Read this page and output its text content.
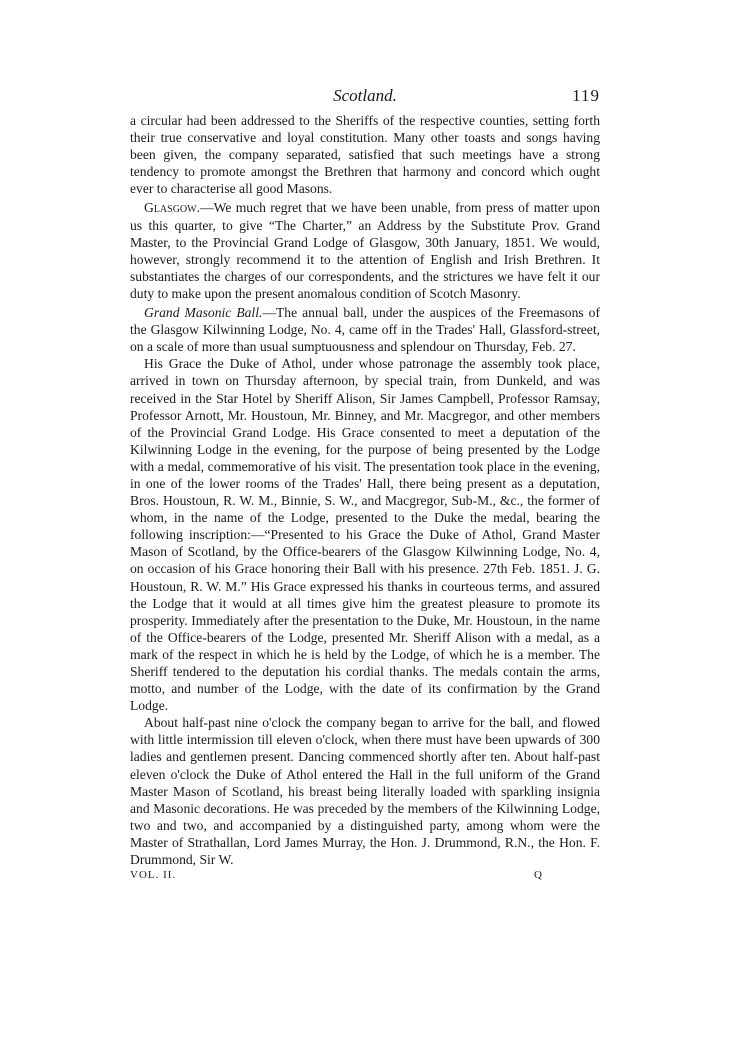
Scotland.	119

a circular had been addressed to the Sheriffs of the respective counties, setting forth their true conservative and loyal constitution. Many other toasts and songs having been given, the company separated, satisfied that such meetings have a strong tendency to promote amongst the Brethren that harmony and concord which ought ever to characterise all good Masons.

Glasgow.—We much regret that we have been unable, from press of matter upon us this quarter, to give “The Charter,” an Address by the Substitute Prov. Grand Master, to the Provincial Grand Lodge of Glasgow, 30th January, 1851. We would, however, strongly recommend it to the attention of English and Irish Brethren. It substantiates the charges of our correspondents, and the strictures we have felt it our duty to make upon the present anomalous condition of Scotch Masonry.

Grand Masonic Ball.—The annual ball, under the auspices of the Freemasons of the Glasgow Kilwinning Lodge, No. 4, came off in the Trades' Hall, Glassford-street, on a scale of more than usual sumptuousness and splendour on Thursday, Feb. 27.

His Grace the Duke of Athol, under whose patronage the assembly took place, arrived in town on Thursday afternoon, by special train, from Dunkeld, and was received in the Star Hotel by Sheriff Alison, Sir James Campbell, Professor Ramsay, Professor Arnott, Mr. Houstoun, Mr. Binney, and Mr. Macgregor, and other members of the Provincial Grand Lodge. His Grace consented to meet a deputation of the Kilwinning Lodge in the evening, for the purpose of being presented by the Lodge with a medal, commemorative of his visit. The presentation took place in the evening, in one of the lower rooms of the Trades' Hall, there being present as a deputation, Bros. Houstoun, R. W. M., Binnie, S. W., and Macgregor, Sub-M., &c., the former of whom, in the name of the Lodge, presented to the Duke the medal, bearing the following inscription:—“Presented to his Grace the Duke of Athol, Grand Master Mason of Scotland, by the Office-bearers of the Glasgow Kilwinning Lodge, No. 4, on occasion of his Grace honoring their Ball with his presence. 27th Feb. 1851. J. G. Houstoun, R. W. M.” His Grace expressed his thanks in courteous terms, and assured the Lodge that it would at all times give him the greatest pleasure to promote its prosperity. Immediately after the presentation to the Duke, Mr. Houstoun, in the name of the Office-bearers of the Lodge, presented Mr. Sheriff Alison with a medal, as a mark of the respect in which he is held by the Lodge, of which he is a member. The Sheriff tendered to the deputation his cordial thanks. The medals contain the arms, motto, and number of the Lodge, with the date of its confirmation by the Grand Lodge.

About half-past nine o'clock the company began to arrive for the ball, and flowed with little intermission till eleven o'clock, when there must have been upwards of 300 ladies and gentlemen present. Dancing commenced shortly after ten. About half-past eleven o'clock the Duke of Athol entered the Hall in the full uniform of the Grand Master Mason of Scotland, his breast being literally loaded with sparkling insignia and Masonic decorations. He was preceded by the members of the Kilwinning Lodge, two and two, and accompanied by a distinguished party, among whom were the Master of Strathallan, Lord James Murray, the Hon. J. Drummond, R.N., the Hon. F. Drummond, Sir W.

VOL. II.	Q
